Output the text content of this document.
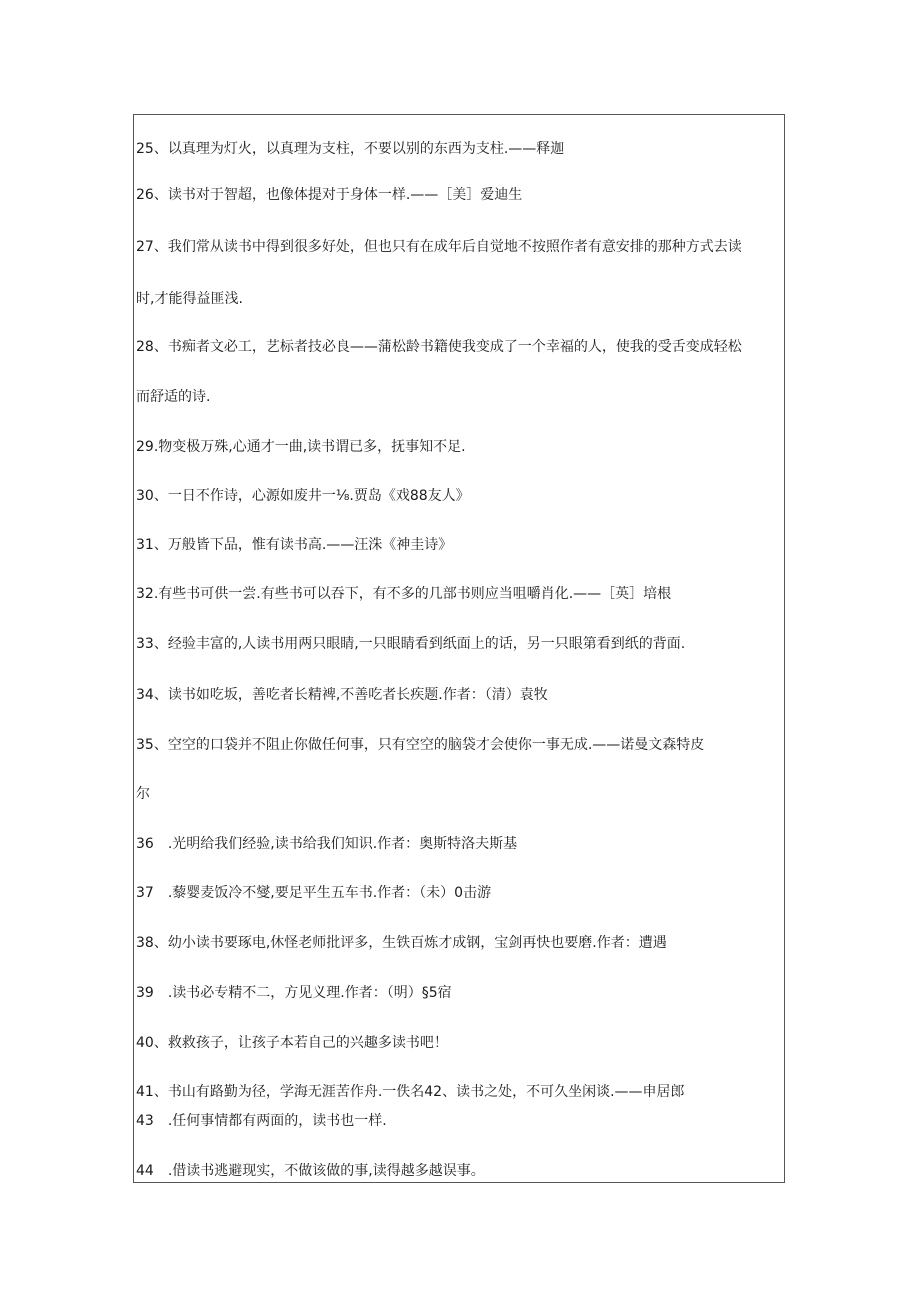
25、以真理为灯火，以真理为支柱，不要以别的东西为支柱.——释迦
26、读书对于智超，也像体提对于身体一样.——［美］爱迪生
27、我们常从读书中得到很多好处，但也只有在成年后自觉地不按照作者有意安排的那种方式去读
时,才能得益匪浅.
28、书痴者文必工，艺标者技必良——蒲松龄书籍使我变成了一个幸福的人，使我的受舌变成轻松
而舒适的诗.
29.物变极万殊,心通才一曲,读书谓已多，抚事知不足.
30、一日不作诗，心源如废井一⅛.贾岛《戏88友人》
31、万般皆下品，惟有读书高.——汪洙《神圭诗》
32.有些书可供一尝.有些书可以吞下，有不多的几部书则应当咀嚼肖化.——［英］培根
33、经验丰富的,人读书用两只眼睛,一只眼睛看到纸面上的话，另一只眼第看到纸的背面.
34、读书如吃坂，善吃者长精裨,不善吃者长疾题.作者：（清）袁牧
35、空空的口袋并不阻止你做任何事，只有空空的脑袋才会使你一事无成.——诺曼文森特皮
尔
36　.光明给我们经验,读书给我们知识.作者：奥斯特洛夫斯基
37　.藜婴麦饭冷不燮,要足平生五车书.作者：（未）0击游
38、幼小读书要琢电,休怪老师批评多，生铁百炼才成钢，宝剑再快也要磨.作者：遭遇
39　.读书必专精不二，方见义理.作者：（明）§5宿
40、救救孩子，让孩子本若自己的兴趣多读书吧！
41、书山有路勤为径，学海无涯苦作舟.一佚名42、读书之处，不可久坐闲谈.——申居郎
43　.任何事情都有两面的，读书也一样.
44　.借读书逃避现实，不做该做的事,读得越多越误事。
